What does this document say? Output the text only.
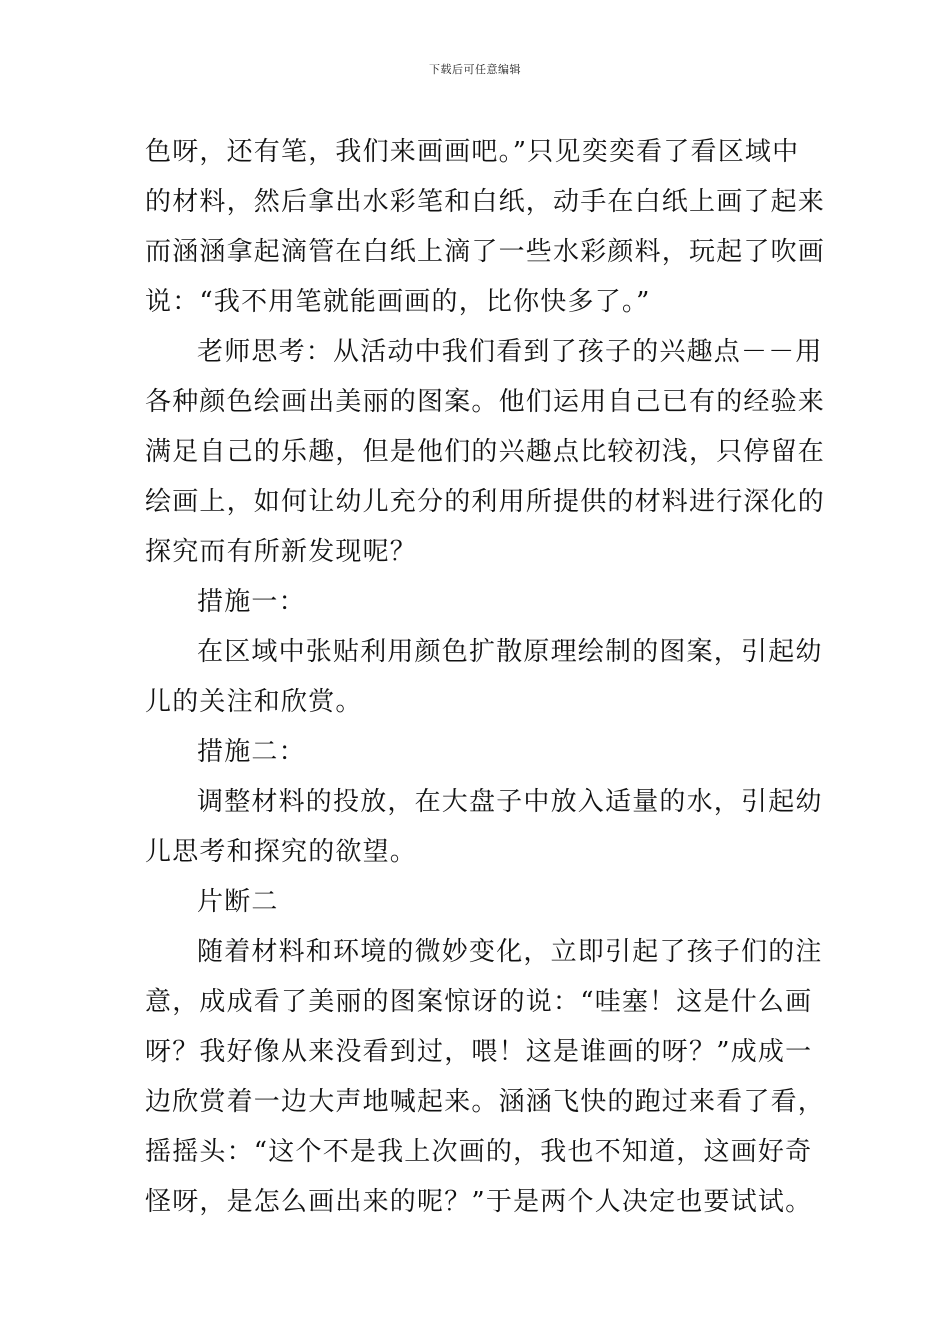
下载后可任意编辑

色呀，还有笔，我们来画画吧。”只见奕奕看了看区域中
的材料，然后拿出水彩笔和白纸，动手在白纸上画了起来
而涵涵拿起滴管在白纸上滴了一些水彩颜料，玩起了吹画
说：“我不用笔就能画画的，比你快多了。”

老师思考：从活动中我们看到了孩子的兴趣点－－用
各种颜色绘画出美丽的图案。他们运用自己已有的经验来
满足自己的乐趣，但是他们的兴趣点比较初浅，只停留在
绘画上，如何让幼儿充分的利用所提供的材料进行深化的
探究而有所新发现呢？

措施一：

在区域中张贴利用颜色扩散原理绘制的图案，引起幼
儿的关注和欣赏。

措施二：

调整材料的投放，在大盘子中放入适量的水，引起幼
儿思考和探究的欲望。

片断二

随着材料和环境的微妙变化，立即引起了孩子们的注
意，成成看了美丽的图案惊讶的说：“哇塞！这是什么画
呀？我好像从来没看到过，喂！这是谁画的呀？”成成一
边欣赏着一边大声地喊起来。涵涵飞快的跑过来看了看，
摇摇头：“这个不是我上次画的，我也不知道，这画好奇
怪呀，是怎么画出来的呢？”于是两个人决定也要试试。
